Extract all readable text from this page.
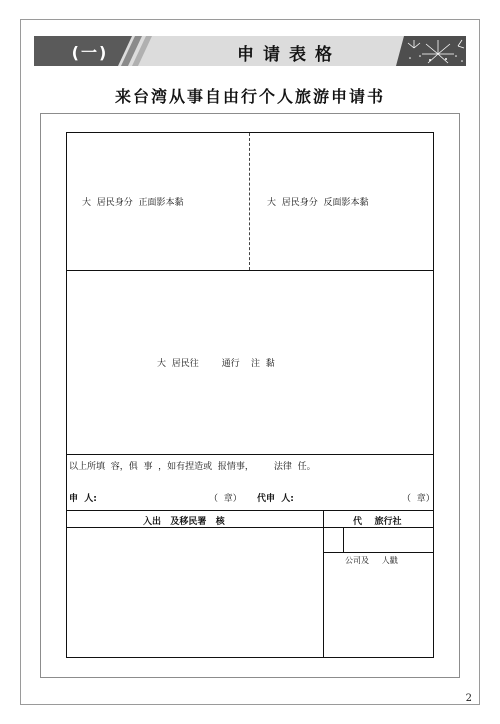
(一)	申请表格
来台湾从事自由行个人旅游申请书
大  居民身分  正面影本黏	大  居民身分  反面影本黏
大  居民往        通行    注  黏
以上所填  容，俱  事  ，如有捏造或  报情事，       法律  任。
申  人:	（  章） 代申  人:	（  章）
入出   及移民署   核	代    旅行社
公司及     人戳
2
